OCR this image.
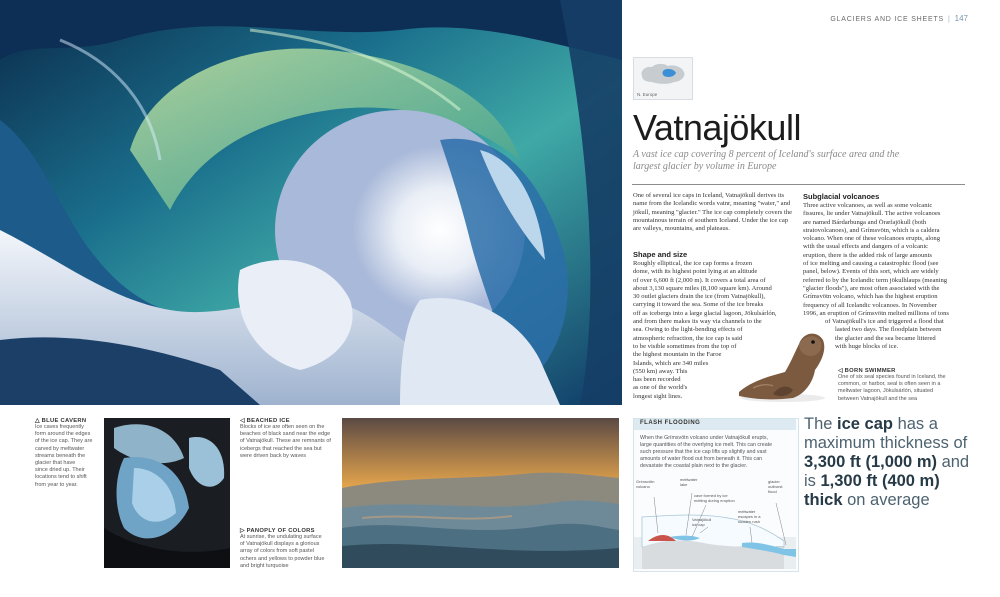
GLACIERS AND ICE SHEETS | 147
N. Europe
Vatnajökull
A vast ice cap covering 8 percent of Iceland's surface area and the largest glacier by volume in Europe
One of several ice caps in Iceland, Vatnajökull derives its name from the Icelandic words vatnr, meaning "water," and jökull, meaning "glacier." The ice cap completely covers the mountainous terrain of southern Iceland. Under the ice cap are valleys, mountains, and plateaus.
Shape and size
Roughly elliptical, the ice cap forms a frozen
dome, with its highest point lying at an altitude
of over 6,600 ft (2,000 m). It covers a total area of
about 3,130 square miles (8,100 square km). Around
30 outlet glaciers drain the ice (from Vatnajökull),
carrying it toward the sea. Some of the ice breaks
off as icebergs into a large glacial lagoon, Jökulsárlón,
and from there makes its way via channels to the
sea. Owing to the light-bending effects of
atmospheric refraction, the ice cap is said
to be visible sometimes from the top of
the highest mountain in the Faroe
Islands, which are 340 miles
(550 km) away. This
has been recorded
as one of the world's
longest sight lines.
Subglacial volcanoes
Three active volcanoes, as well as some volcanic
fissures, lie under Vatnajökull. The active volcanoes
are named Bárdarbunga and Öræfajökull (both
stratovolcanoes), and Grímsvötn, which is a caldera
volcano. When one of these volcanoes erupts, along
with the usual effects and dangers of a volcanic
eruption, there is the added risk of large amounts
of ice melting and causing a catastrophic flood (see
panel, below). Events of this sort, which are widely
referred to by the Icelandic term jökulhlaups (meaning
"glacier floods"), are most often associated with the
Grímsvötn volcano, which has the highest eruption
frequency of all Icelandic volcanoes. In November
1996, an eruption of Grímsvötn melted millions of tons
of Vatnajökull's ice and triggered a flood that
lasted two days. The floodplain between
the glacier and the sea became littered
with huge blocks of ice.
◁ BORN SWIMMER
One of six seal species found in Iceland, the
common, or harbor, seal is often seen in a
meltwater lagoon, Jökulsárlón, situated
between Vatnajökull and the sea
△ BLUE CAVERN
Ice caves frequently
form around the edges
of the ice cap. They are
carved by meltwater
streams beneath the
glacier that have
since dried up. Their
locations tend to shift
from year to year.
◁ BEACHED ICE
Blocks of ice are often seen on the
beaches of black sand near the edge
of Vatnajökull. These are remnants of
icebergs that reached the sea but
were driven back by waves
▷ PANOPLY OF COLORS
At sunrise, the undulating surface
of Vatnajökull displays a glorious
array of colors from soft pastel
ochers and yellows to powder blue
and bright turquoise
FLASH FLOODING
When the Grímsvötn volcano under Vatnajökull erupts,
large quantities of the overlying ice melt. This can create
such pressure that the ice cap lifts up slightly and vast
amounts of water flood out from beneath it. This can
devastate the coastal plain next to the glacier.
Grímsvötn
volcano
meltwater
lake
cave formed by ice
melting during eruption
Vatnajökull
ice cap
meltwater
escapes in a
sudden rush
glacier
outburst
flood
The ice cap has a maximum thickness of 3,300 ft (1,000 m) and is 1,300 ft (400 m) thick on average
